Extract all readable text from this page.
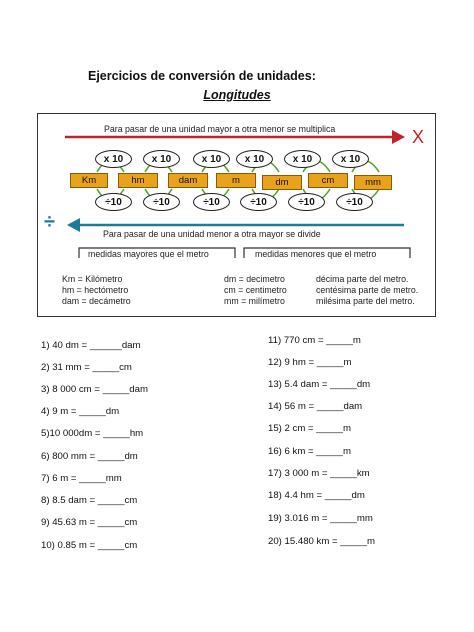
Ejercicios de conversión de unidades:
Longitudes
Para pasar de una unidad mayor a otra menor se multiplica	X
x 10	x 10	x 10	x 10	x 10	x 10
Km	hm	dam	m	dm	cm	mm
÷10	÷10	÷10	÷10	÷10	÷10
÷
Para pasar de una unidad menor a otra mayor se divide
medidas mayores que el metro	medidas menores que el metro
Km = Kilómetro	dm = decimetro	décima parte del metro.
hm = hectómetro	cm = centimetro	centésima parte de metro.
dam = decámetro	mm = milímetro	milésima parte del metro.
1) 40 dm = ______dam
2) 31 mm = _____cm
3) 8 000 cm = _____dam
4) 9 m = _____dm
5)10 000dm = _____hm
6) 800 mm = _____dm
7) 6 m = _____mm
8) 8.5 dam = _____cm
9) 45.63 m = _____cm
10) 0.85 m = _____cm
11) 770 cm = _____m
12) 9 hm = _____m
13) 5.4 dam = _____dm
14) 56 m = _____dam
15) 2 cm = _____m
16) 6 km = _____m
17) 3 000 m = _____km
18) 4.4 hm = _____dm
19) 3.016 m = _____mm
20) 15.480 km = _____m
